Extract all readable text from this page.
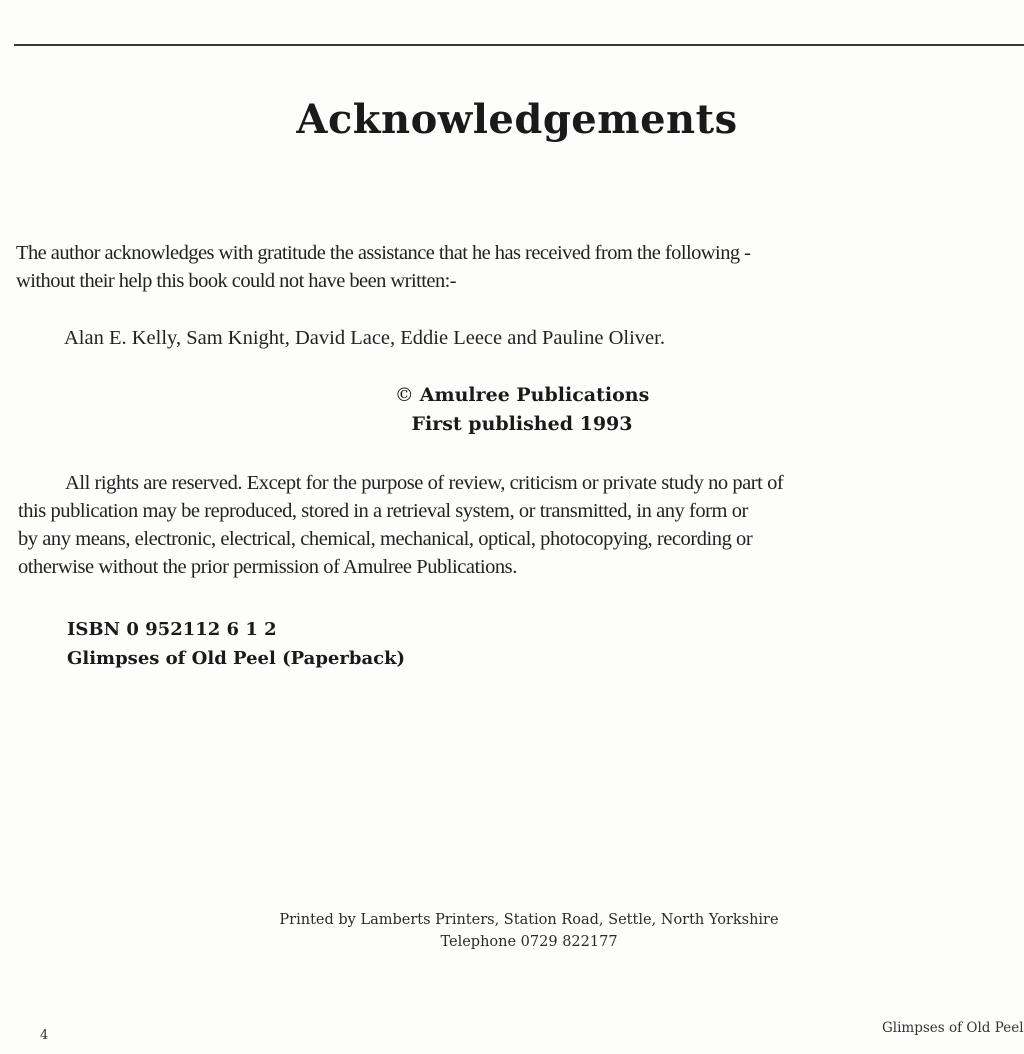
Acknowledgements
The author acknowledges with gratitude the assistance that he has received from the following -
without their help this book could not have been written:-
Alan E. Kelly, Sam Knight, David Lace, Eddie Leece and Pauline Oliver.
© Amulree Publications
First published 1993
All rights are reserved. Except for the purpose of review, criticism or private study no part of
this publication may be reproduced, stored in a retrieval system, or transmitted, in any form or
by any means, electronic, electrical, chemical, mechanical, optical, photocopying, recording or
otherwise without the prior permission of Amulree Publications.
ISBN 0 952112 6 1 2
Glimpses of Old Peel (Paperback)
Printed by Lamberts Printers, Station Road, Settle, North Yorkshire
Telephone 0729 822177
4	Glimpses of Old Peel
